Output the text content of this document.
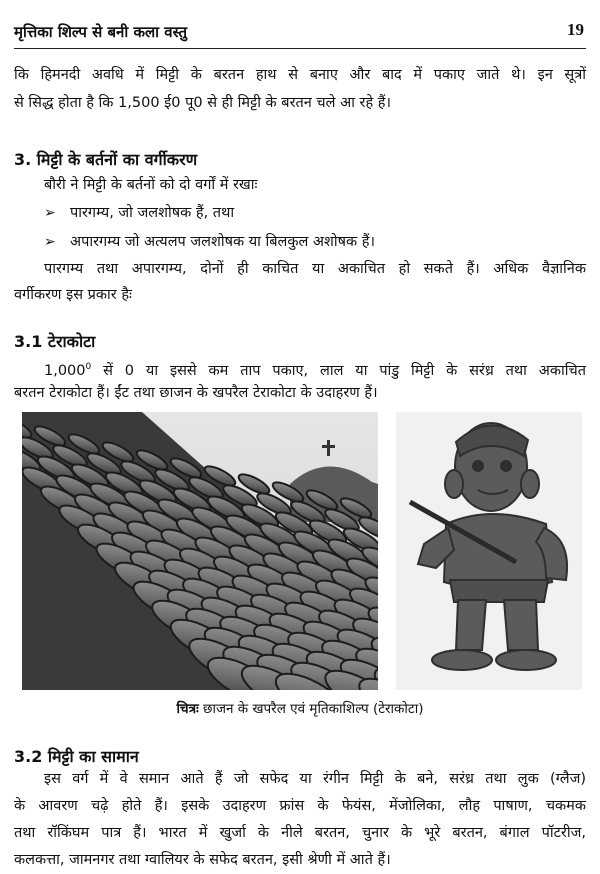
मृत्तिका शिल्प से बनी कला वस्तु	19

कि हिमनदी अवधि में मिट्टी के बरतन हाथ से बनाए और बाद में पकाए जाते थे। इन सूत्रों

से सिद्ध होता है कि 1,500 ई0 पू0 से ही मिट्टी के बरतन चले आ रहे हैं।

3. मिट्टी के बर्तनों का वर्गीकरण

बौरी ने मिट्टी के बर्तनों को दो वर्गों में रखाः

➢ पारगम्य, जो जलशोषक हैं, तथा
➢ अपारगम्य जो अत्यलप जलशोषक या बिलकुल अशोषक हैं।

पारगम्य तथा अपारगम्य, दोनों ही काचित या अकाचित हो सकते हैं। अधिक वैज्ञानिक

वर्गीकरण इस प्रकार हैः

3.1 टेराकोटा

1,000$^0$ सें 0 या इससे कम ताप पकाए, लाल या पांडु मिट्टी के सरंध्र तथा अकाचित

बरतन टेराकोटा हैं। ईंट तथा छाजन के खपरैल टेराकोटा के उदाहरण हैं।

चित्रः छाजन के खपरैल एवं मृतिकाशिल्प (टेराकोटा)
3.2 मिट्टी का सामान

इस वर्ग में वे समान आते हैं जो सफेद या रंगीन मिट्टी के बने, सरंध्र तथा लुक (ग्लैज)

के आवरण चढ़े होते हैं। इसके उदाहरण फ्रांस के फेयंस, मेंजोलिका, लौह पाषाण, चकमक

तथा रॉकिंघम पात्र हैं। भारत में खुर्जा के नीले बरतन, चुनार के भूरे बरतन, बंगाल पॉटरीज,

कलकत्ता, जामनगर तथा ग्वालियर के सफेद बरतन, इसी श्रेणी में आते हैं।
